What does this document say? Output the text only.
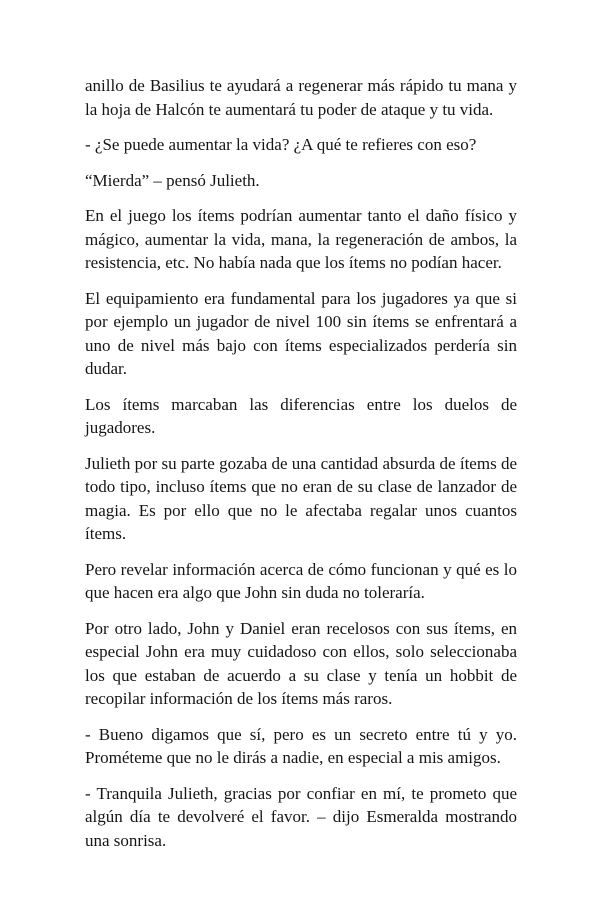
anillo de Basilius te ayudará a regenerar más rápido tu mana y la hoja de Halcón te aumentará tu poder de ataque y tu vida.

- ¿Se puede aumentar la vida? ¿A qué te refieres con eso?

“Mierda” – pensó Julieth.

En el juego los ítems podrían aumentar tanto el daño físico y mágico, aumentar la vida, mana, la regeneración de ambos, la resistencia, etc. No había nada que los ítems no podían hacer.

El equipamiento era fundamental para los jugadores ya que si por ejemplo un jugador de nivel 100 sin ítems se enfrentará a uno de nivel más bajo con ítems especializados perdería sin dudar.

Los ítems marcaban las diferencias entre los duelos de jugadores.

Julieth por su parte gozaba de una cantidad absurda de ítems de todo tipo, incluso ítems que no eran de su clase de lanzador de magia. Es por ello que no le afectaba regalar unos cuantos ítems.

Pero revelar información acerca de cómo funcionan y qué es lo que hacen era algo que John sin duda no toleraría.

Por otro lado, John y Daniel eran recelosos con sus ítems, en especial John era muy cuidadoso con ellos, solo seleccionaba los que estaban de acuerdo a su clase y tenía un hobbit de recopilar información de los ítems más raros.

- Bueno digamos que sí, pero es un secreto entre tú y yo. Prométeme que no le dirás a nadie, en especial a mis amigos.

- Tranquila Julieth, gracias por confiar en mí, te prometo que algún día te devolveré el favor. – dijo Esmeralda mostrando una sonrisa.
